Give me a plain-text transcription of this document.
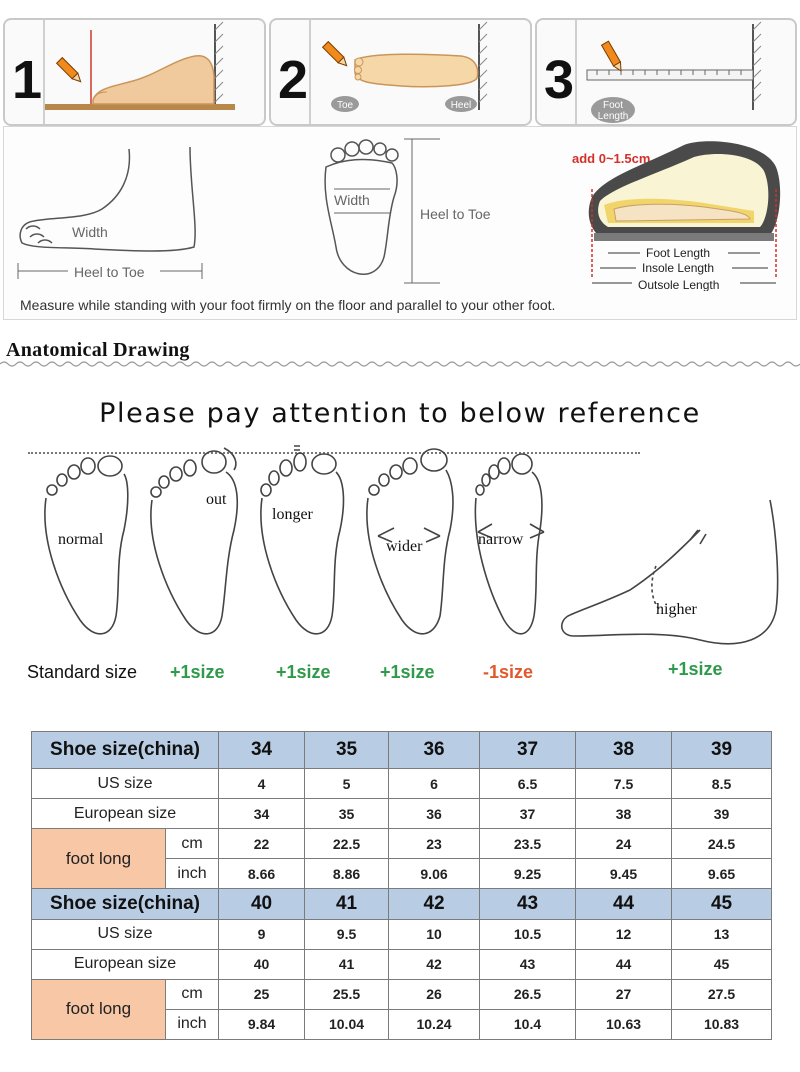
1	2	Toe	Heel 3	Foot
Length
Width
Heel to Toe
Width
Heel to Toe
add 0~1.5cm
Foot Length
Insole Length
Outsole Length
Measure while standing with your foot firmly on the floor and parallel to your other foot.
Anatomical Drawing
Please pay attention to below reference
normal
out
longer
wider	narrow
higher
Standard size +1size	+1size	+1size	-1size	+1size
Shoe size(china)		34	35	36	37	38	39
US size		4	5	6	6.5	7.5	8.5
European size		34	35	36	37	38	39
foot long	cm	22	22.5	23	23.5	24	24.5
	inch	8.66	8.86	9.06	9.25	9.45	9.65
Shoe size(china)		40	41	42	43	44	45
US size		9	9.5	10	10.5	12	13
European size		40	41	42	43	44	45
foot long	cm	25	25.5	26	26.5	27	27.5
	inch	9.84	10.04	10.24	10.4	10.63	10.83
